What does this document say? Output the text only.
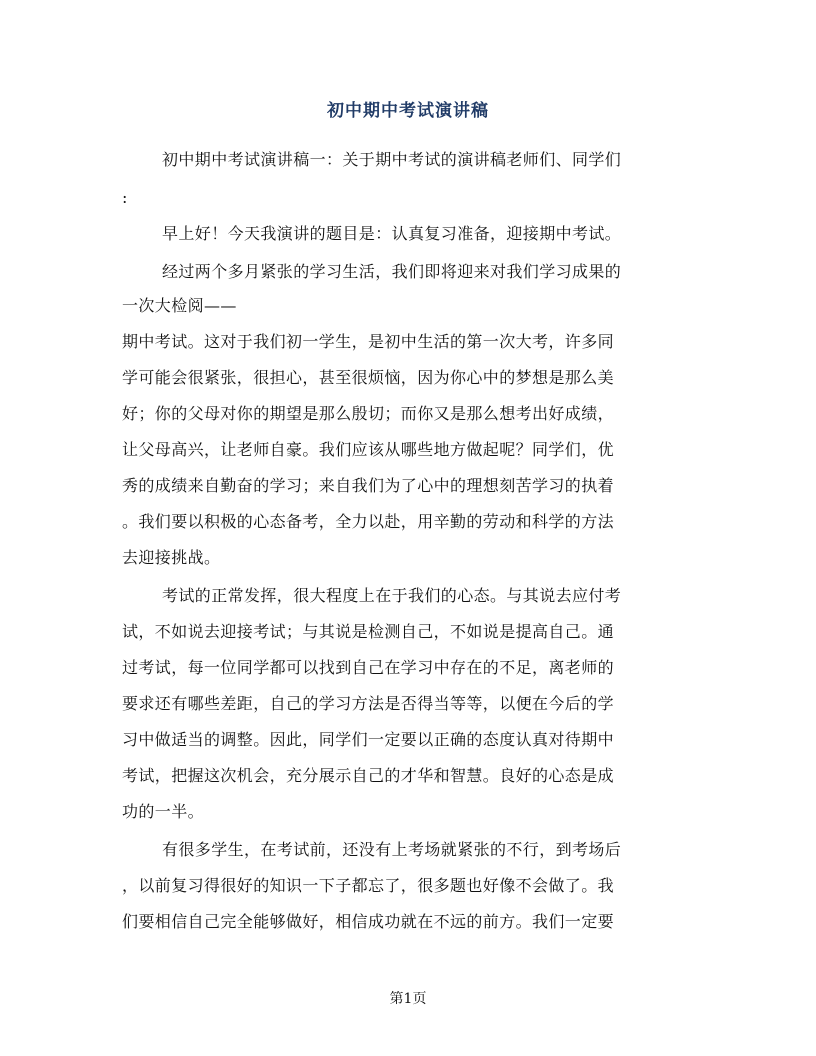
初中期中考试演讲稿
初中期中考试演讲稿一：关于期中考试的演讲稿老师们、同学们
:
早上好！今天我演讲的题目是：认真复习准备，迎接期中考试。
经过两个多月紧张的学习生活，我们即将迎来对我们学习成果的
一次大检阅——
期中考试。这对于我们初一学生，是初中生活的第一次大考，许多同
学可能会很紧张，很担心，甚至很烦恼，因为你心中的梦想是那么美
好；你的父母对你的期望是那么殷切；而你又是那么想考出好成绩，
让父母高兴，让老师自豪。我们应该从哪些地方做起呢？同学们，优
秀的成绩来自勤奋的学习；来自我们为了心中的理想刻苦学习的执着
。我们要以积极的心态备考，全力以赴，用辛勤的劳动和科学的方法
去迎接挑战。
考试的正常发挥，很大程度上在于我们的心态。与其说去应付考
试，不如说去迎接考试；与其说是检测自己，不如说是提高自己。通
过考试，每一位同学都可以找到自己在学习中存在的不足，离老师的
要求还有哪些差距，自己的学习方法是否得当等等，以便在今后的学
习中做适当的调整。因此，同学们一定要以正确的态度认真对待期中
考试，把握这次机会，充分展示自己的才华和智慧。良好的心态是成
功的一半。
有很多学生，在考试前，还没有上考场就紧张的不行，到考场后
，以前复习得很好的知识一下子都忘了，很多题也好像不会做了。我
们要相信自己完全能够做好，相信成功就在不远的前方。我们一定要
第1页
